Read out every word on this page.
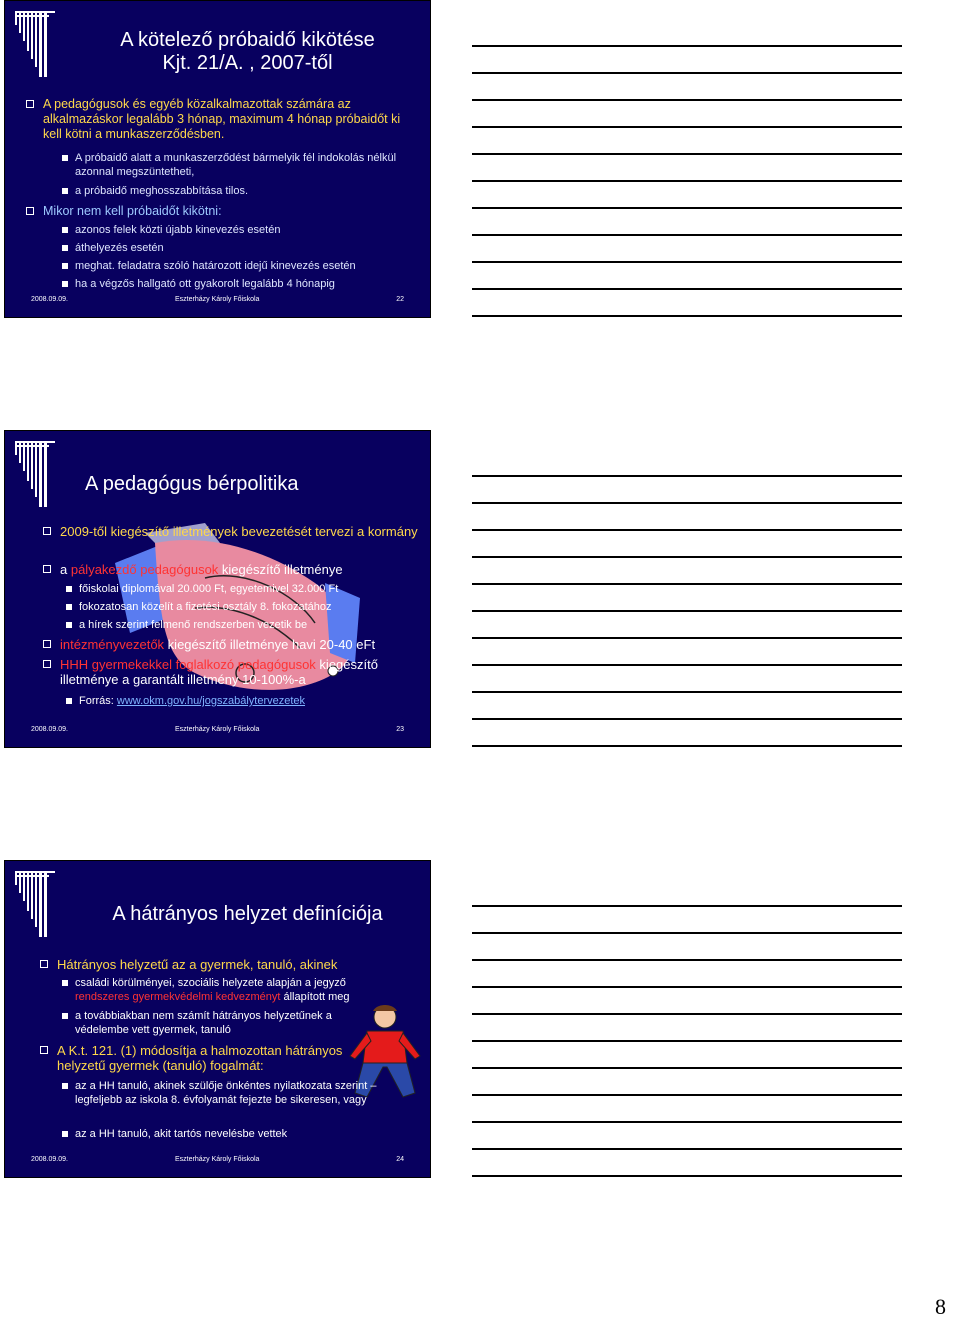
A kötelező próbaidő kikötése
Kjt. 21/A. , 2007-től
A pedagógusok és egyéb közalkalmazottak számára az alkalmazáskor legalább 3 hónap, maximum 4 hónap próbaidőt ki kell kötni a munkaszerződésben.
A próbaidő alatt a munkaszerződést bármelyik fél indokolás nélkül azonnal megszüntetheti,
a próbaidő meghosszabbítása tilos.
Mikor nem kell próbaidőt kikötni:
azonos felek közti újabb kinevezés esetén
áthelyezés esetén
meghat. feladatra szóló határozott idejű kinevezés esetén
ha a végzős hallgató ott gyakorolt legalább 4 hónapig
2008.09.09.	Eszterházy Károly Főiskola	22
A pedagógus bérpolitika
2009-től kiegészítő illetmények bevezetését tervezi a kormány
a pályakezdő pedagógusok kiegészítő illetménye
főiskolai diplomával 20.000 Ft, egyetemivel 32.000 Ft
fokozatosan közelít a fizetési osztály 8. fokozatához
a hírek szerint felmenő rendszerben vezetik be
intézményvezetők kiegészítő illetménye havi 20-40 eFt
HHH gyermekekkel foglalkozó pedagógusok kiegészítő illetménye a garantált illetmény 10-100%-a
Forrás: www.okm.gov.hu/jogszabálytervezetek
2008.09.09.	Eszterházy Károly Főiskola	23
A hátrányos helyzet definíciója
Hátrányos helyzetű az a gyermek, tanuló, akinek
családi körülményei, szociális helyzete alapján a jegyző rendszeres gyermekvédelmi kedvezményt állapított meg
a továbbiakban nem számít hátrányos helyzetűnek a védelembe vett gyermek, tanuló
A K.t. 121. (1) módosítja a halmozottan hátrányos helyzetű gyermek (tanuló) fogalmát:
az a HH tanuló, akinek szülője önkéntes nyilatkozata szerint – legfeljebb az iskola 8. évfolyamát fejezte be sikeresen, vagy
az a HH tanuló, akit tartós nevelésbe vettek
2008.09.09.	Eszterházy Károly Főiskola	24
8
